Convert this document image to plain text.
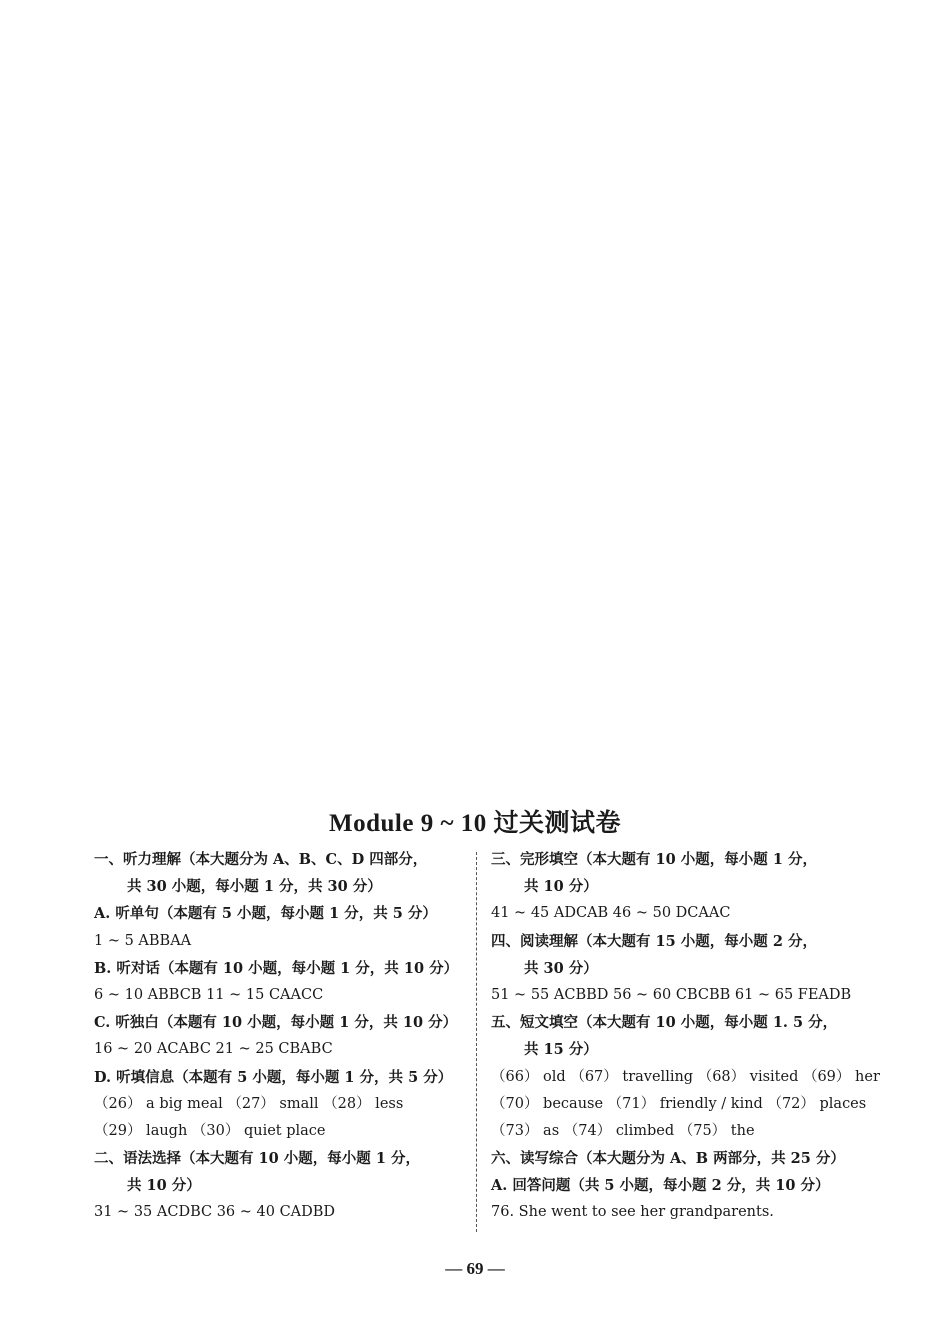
Module 9 ~ 10 过关测试卷
一、听力理解（本大题分为 A、B、C、D 四部分，
共 30 小题，每小题 1 分，共 30 分）
A. 听单句（本题有 5 小题，每小题 1 分，共 5 分）
1 ~ 5 ABBAA
B. 听对话（本题有 10 小题，每小题 1 分，共 10 分）
6 ~ 10 ABBCB 11 ~ 15 CAACC
C. 听独白（本题有 10 小题，每小题 1 分，共 10 分）
16 ~ 20 ACABC 21 ~ 25 CBABC
D. 听填信息（本题有 5 小题，每小题 1 分，共 5 分）
（26） a big meal （27） small （28） less
（29） laugh （30） quiet place
二、语法选择（本大题有 10 小题，每小题 1 分，
共 10 分）
31 ~ 35 ACDBC 36 ~ 40 CADBD
三、完形填空（本大题有 10 小题，每小题 1 分，
共 10 分）
41 ~ 45 ADCAB 46 ~ 50 DCAAC
四、阅读理解（本大题有 15 小题，每小题 2 分，
共 30 分）
51 ~ 55 ACBBD 56 ~ 60 CBCBB 61 ~ 65 FEADB
五、短文填空（本大题有 10 小题，每小题 1. 5 分，
共 15 分）
（66） old （67） travelling （68） visited （69） her
（70） because （71） friendly / kind （72） places
（73） as （74） climbed （75） the
六、读写综合（本大题分为 A、B 两部分，共 25 分）
A. 回答问题（共 5 小题，每小题 2 分，共 10 分）
76. She went to see her grandparents.
— 69 —
